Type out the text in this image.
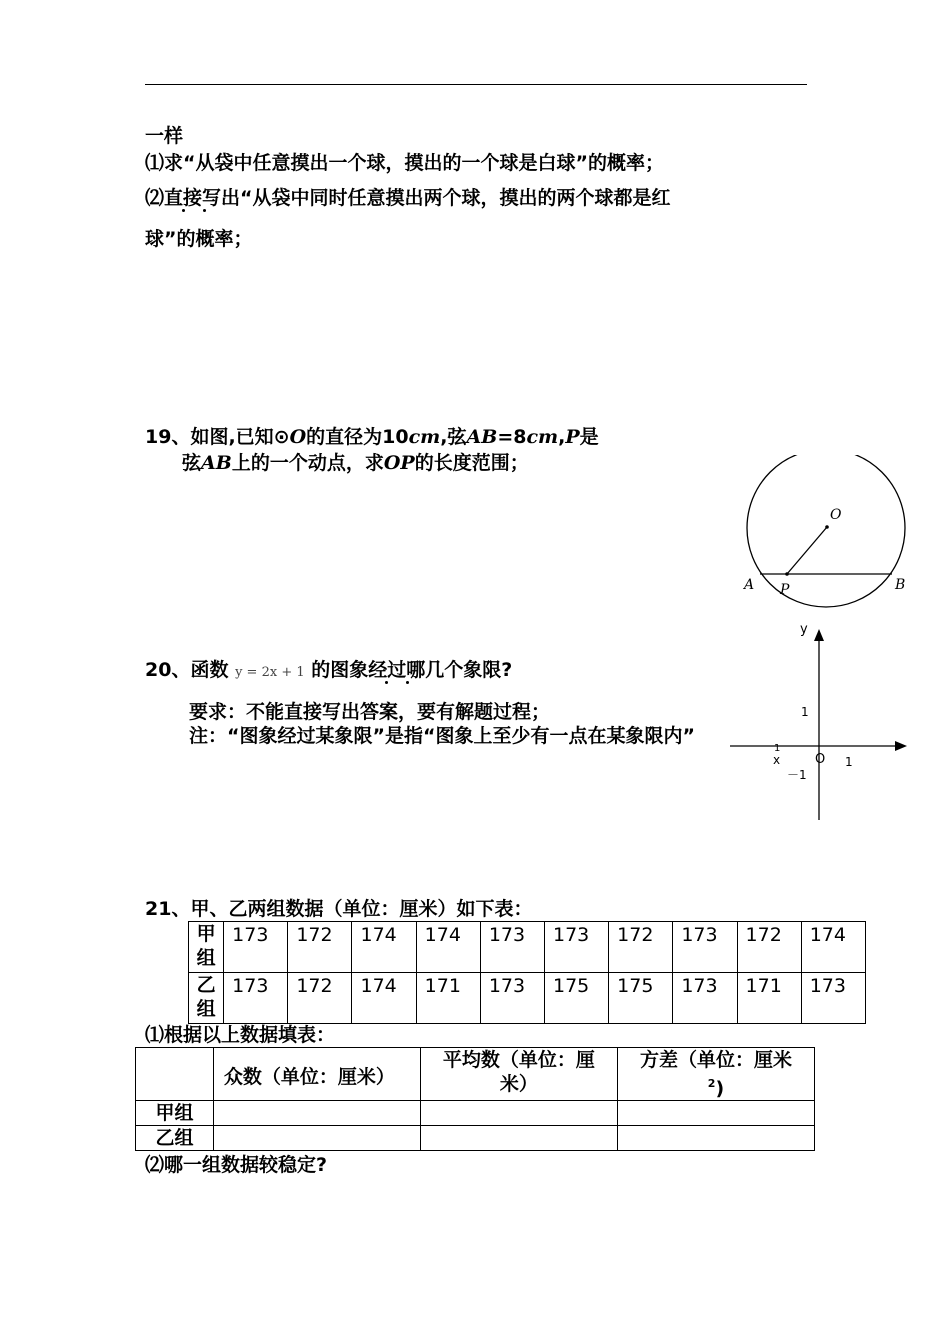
一样
⑴求“从袋中任意摸出一个球，摸出的一个球是白球”的概率；
⑵直接写出“从袋中同时任意摸出两个球，摸出的两个球都是红
球”的概率；
19、如图,已知⊙O的直径为10cm,弦AB=8cm,P是
弦AB上的一个动点，求OP的长度范围；
O
A	B
P
20、函数 y = 2x + 1 的图象经过哪几个象限?
要求：不能直接写出答案，要有解题过程；
注：“图象经过某象限”是指“图象上至少有一点在某象限内”
y
1
1
x	O 1
－1
21、甲、乙两组数据（单位：厘米）如下表：
甲
组	173	172	174	174	173	173	172	173	172	174
乙
组	173	172	174	171	173	175	175	173	171	173
⑴根据以上数据填表：
	众数（单位：厘米）	平均数（单位：厘
米）	方差（单位：厘米
$^2$)
甲组			
乙组			
⑵哪一组数据较稳定?
